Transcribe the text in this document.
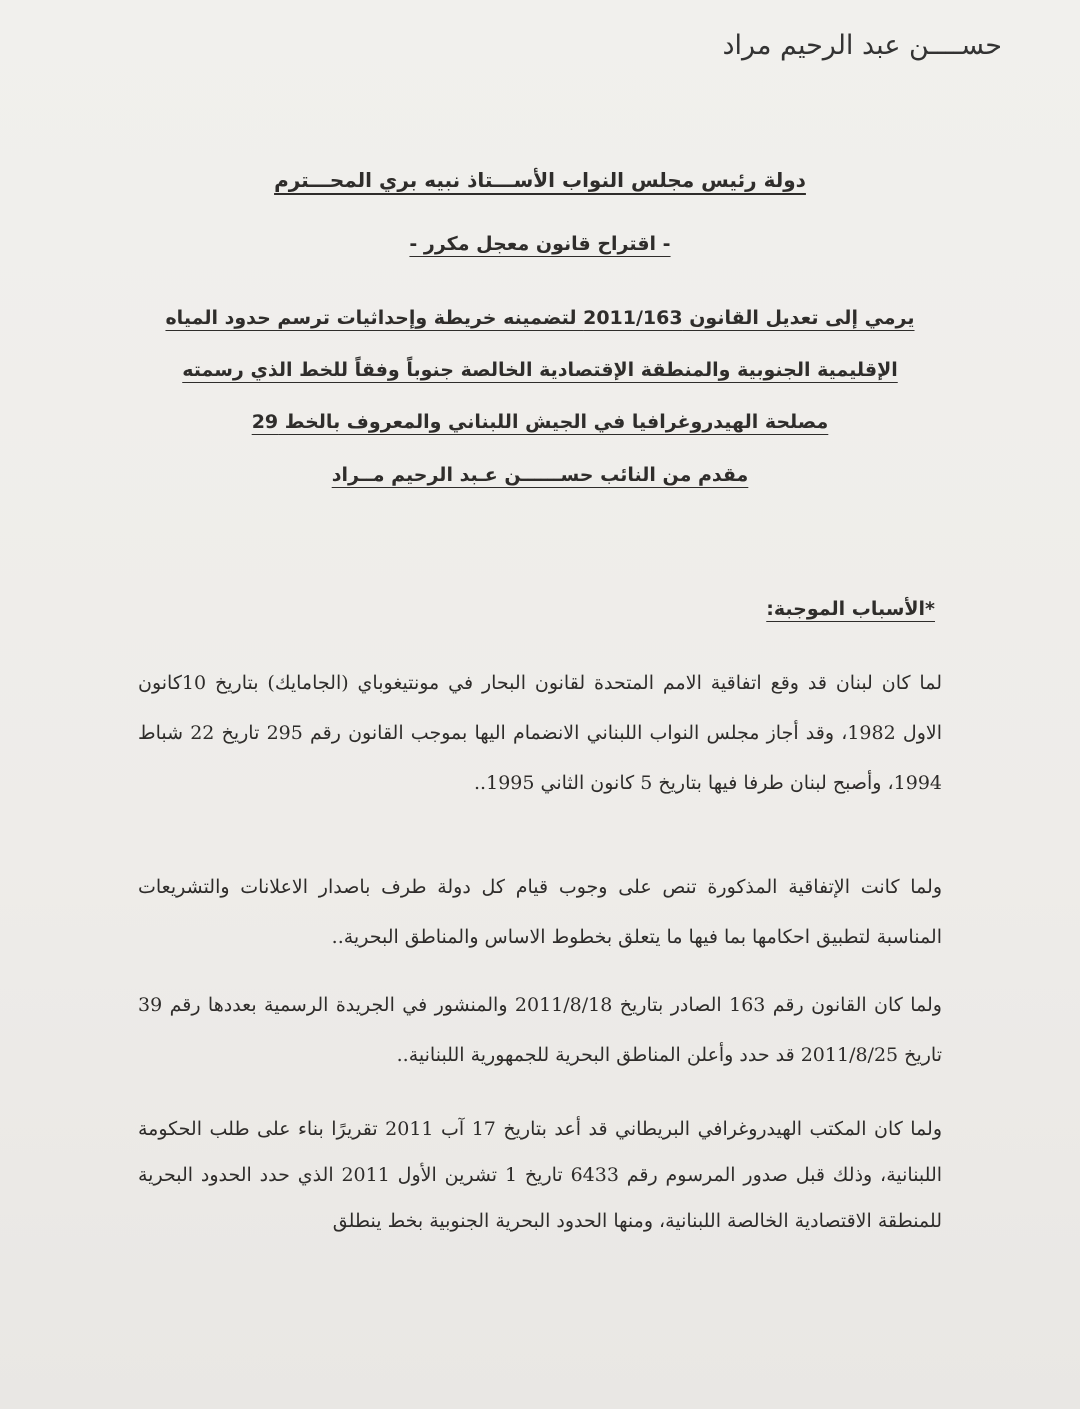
حســــن عبد الرحيم مراد
دولة رئيس مجلس النواب الأســـتاذ نبيه بري المحـــترم
- اقتراح قانون معجل مكرر -
يرمي إلى تعديل القانون 2011/163 لتضمينه خريطة وإحداثيات ترسم حدود المياه الإقليمية الجنوبية والمنطقة الإقتصادية الخالصة جنوباً وفقاً للخط الذي رسمته مصلحة الهيدروغرافيا في الجيش اللبناني والمعروف بالخط 29
مقدم من النائب حســــــن عـبد الرحيم مــراد
*الأسباب الموجبة:
لما كان لبنان قد وقع اتفاقية الامم المتحدة لقانون البحار في مونتيغوباي (الجامايك) بتاريخ 10كانون الاول 1982، وقد أجاز مجلس النواب اللبناني الانضمام اليها بموجب القانون رقم 295 تاريخ 22 شباط 1994، وأصبح لبنان طرفا فيها بتاريخ 5 كانون الثاني 1995..
ولما كانت الإتفاقية المذكورة تنص على وجوب قيام كل دولة طرف باصدار الاعلانات والتشريعات المناسبة لتطبيق احكامها بما فيها ما يتعلق بخطوط الاساس والمناطق البحرية..
ولما كان القانون رقم 163 الصادر بتاريخ 2011/8/18 والمنشور في الجريدة الرسمية بعددها رقم 39 تاريخ 2011/8/25 قد حدد وأعلن المناطق البحرية للجمهورية اللبنانية..
ولما كان المكتب الهيدروغرافي البريطاني قد أعد بتاريخ 17 آب 2011 تقريرًا بناء على طلب الحكومة اللبنانية، وذلك قبل صدور المرسوم رقم 6433 تاريخ 1 تشرين الأول 2011 الذي حدد الحدود البحرية للمنطقة الاقتصادية الخالصة اللبنانية، ومنها الحدود البحرية الجنوبية بخط ينطلق
